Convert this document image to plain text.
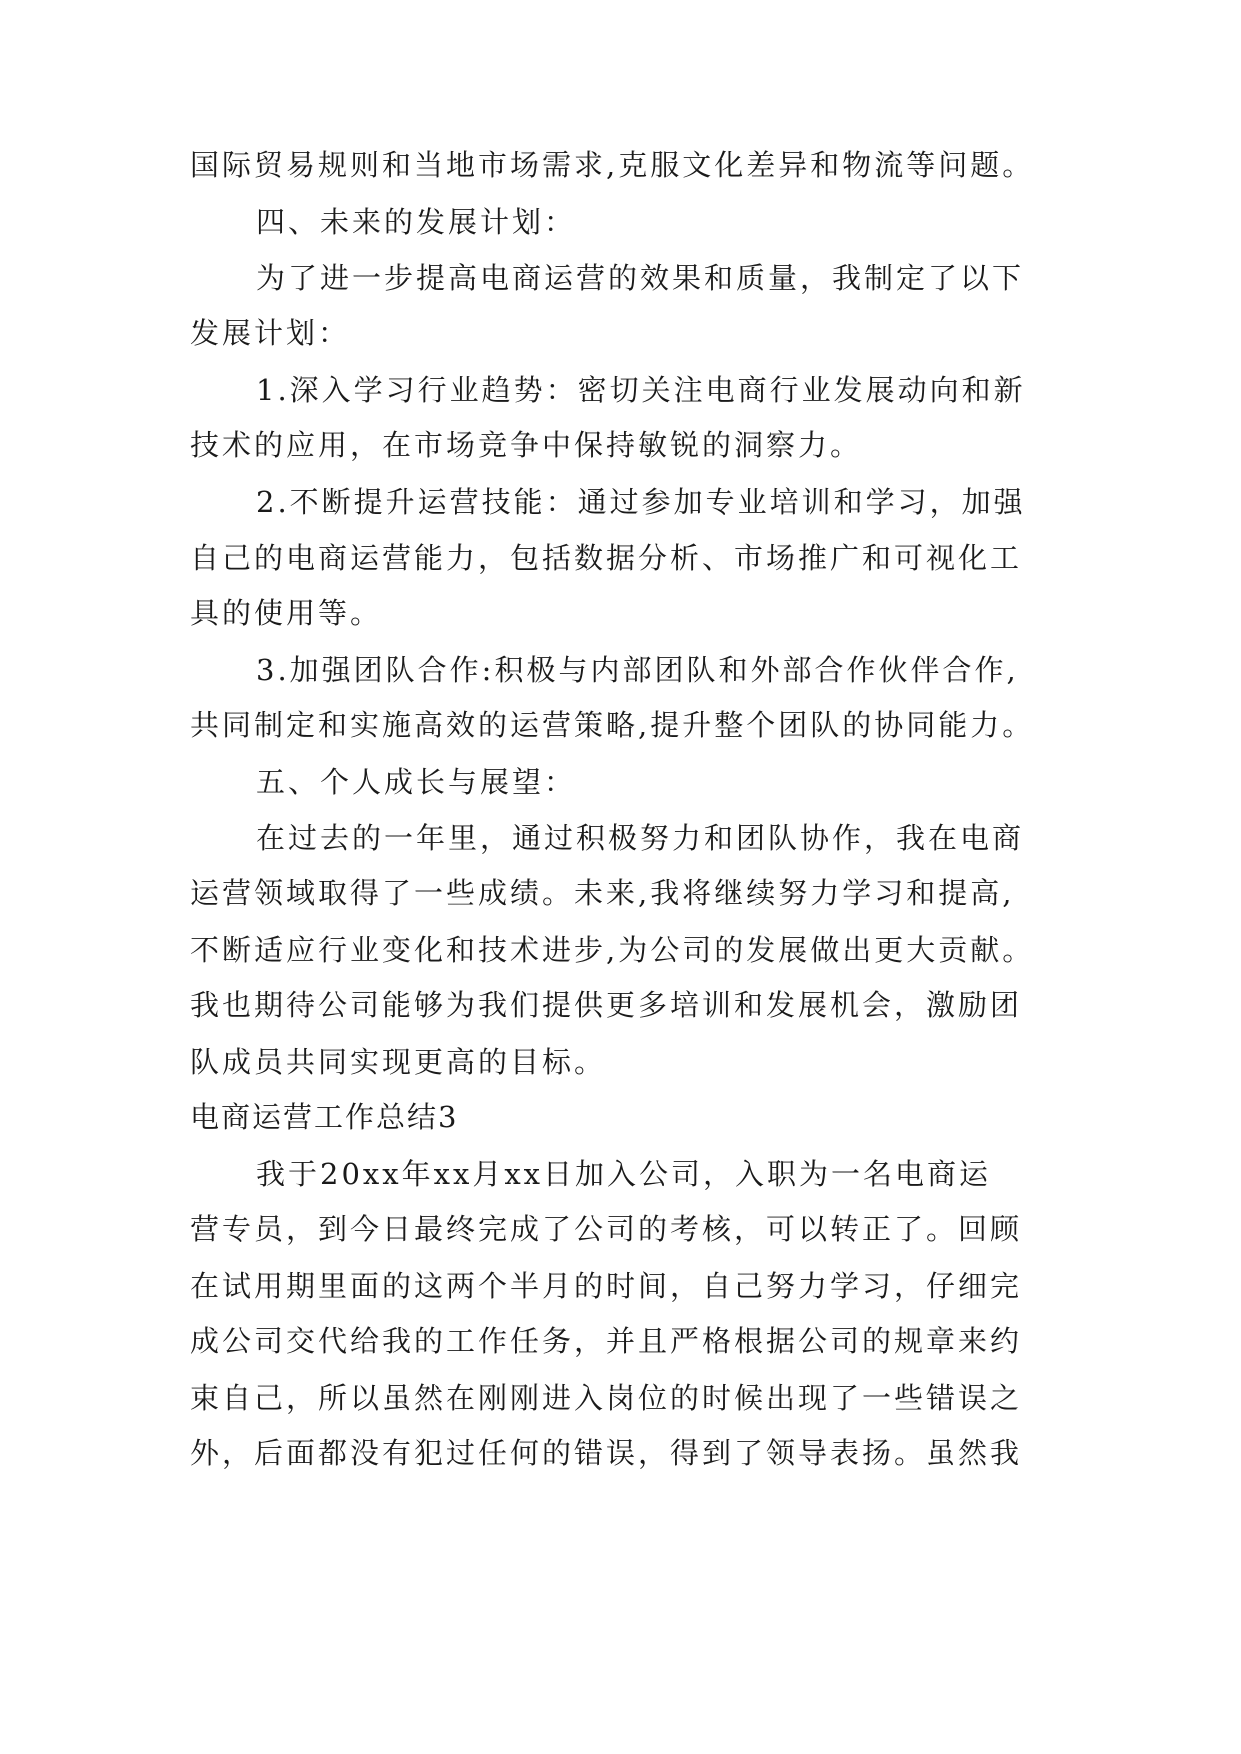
国际贸易规则和当地市场需求,克服文化差异和物流等问题。
四、未来的发展计划：
为了进一步提高电商运营的效果和质量，我制定了以下
发展计划：
1.深入学习行业趋势：密切关注电商行业发展动向和新
技术的应用，在市场竞争中保持敏锐的洞察力。
2.不断提升运营技能：通过参加专业培训和学习，加强
自己的电商运营能力，包括数据分析、市场推广和可视化工
具的使用等。
3.加强团队合作:积极与内部团队和外部合作伙伴合作,
共同制定和实施高效的运营策略,提升整个团队的协同能力。
五、个人成长与展望：
在过去的一年里，通过积极努力和团队协作，我在电商
运营领域取得了一些成绩。未来,我将继续努力学习和提高,
不断适应行业变化和技术进步,为公司的发展做出更大贡献。
我也期待公司能够为我们提供更多培训和发展机会，激励团
队成员共同实现更高的目标。
电商运营工作总结3
我于20xx年xx月xx日加入公司，入职为一名电商运
营专员，到今日最终完成了公司的考核，可以转正了。回顾
在试用期里面的这两个半月的时间，自己努力学习，仔细完
成公司交代给我的工作任务，并且严格根据公司的规章来约
束自己，所以虽然在刚刚进入岗位的时候出现了一些错误之
外，后面都没有犯过任何的错误，得到了领导表扬。虽然我
